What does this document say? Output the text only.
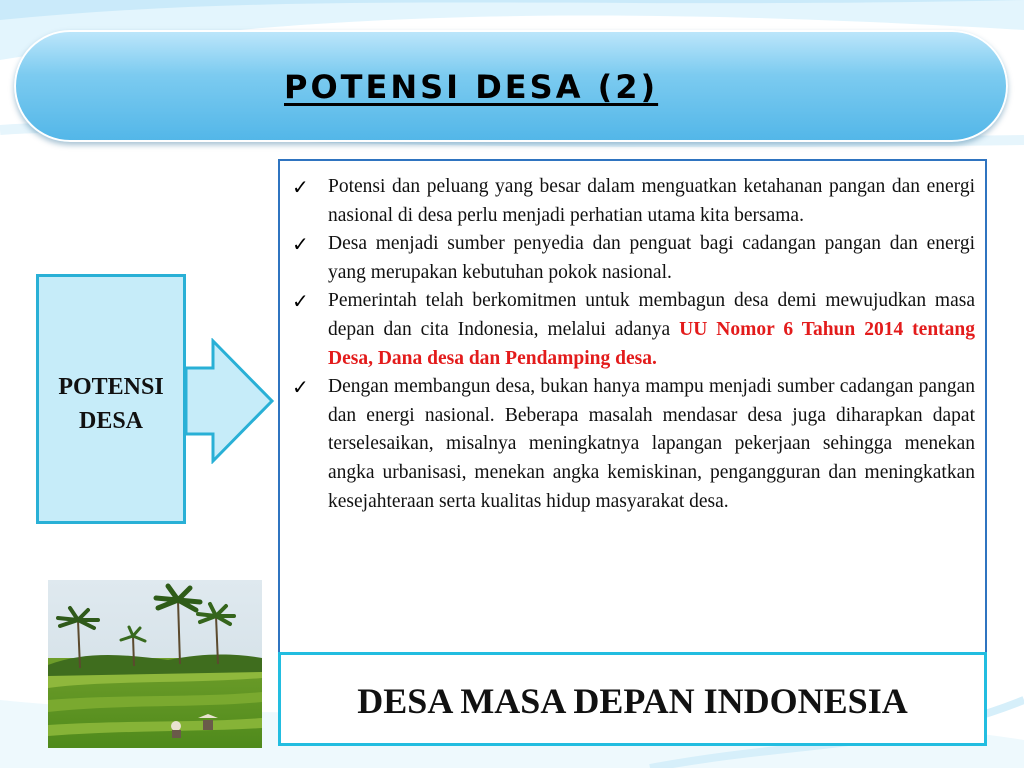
POTENSI DESA (2)
POTENSI
DESA
✓ Potensi dan peluang yang besar dalam menguatkan ketahanan pangan dan energi nasional di desa perlu menjadi perhatian utama kita bersama.
✓ Desa menjadi sumber penyedia dan penguat bagi cadangan pangan dan energi yang merupakan kebutuhan pokok nasional.
✓ Pemerintah telah berkomitmen untuk membagun desa demi mewujudkan masa depan dan cita Indonesia, melalui adanya UU Nomor 6 Tahun 2014 tentang Desa, Dana desa dan Pendamping desa.
✓ Dengan membangun desa, bukan hanya mampu menjadi sumber cadangan pangan dan energi nasional. Beberapa masalah mendasar desa juga diharapkan dapat terselesaikan, misalnya meningkatnya lapangan pekerjaan sehingga menekan angka urbanisasi, menekan angka kemiskinan, pengangguran dan meningkatkan kesejahteraan serta kualitas hidup masyarakat desa.
DESA MASA DEPAN INDONESIA
